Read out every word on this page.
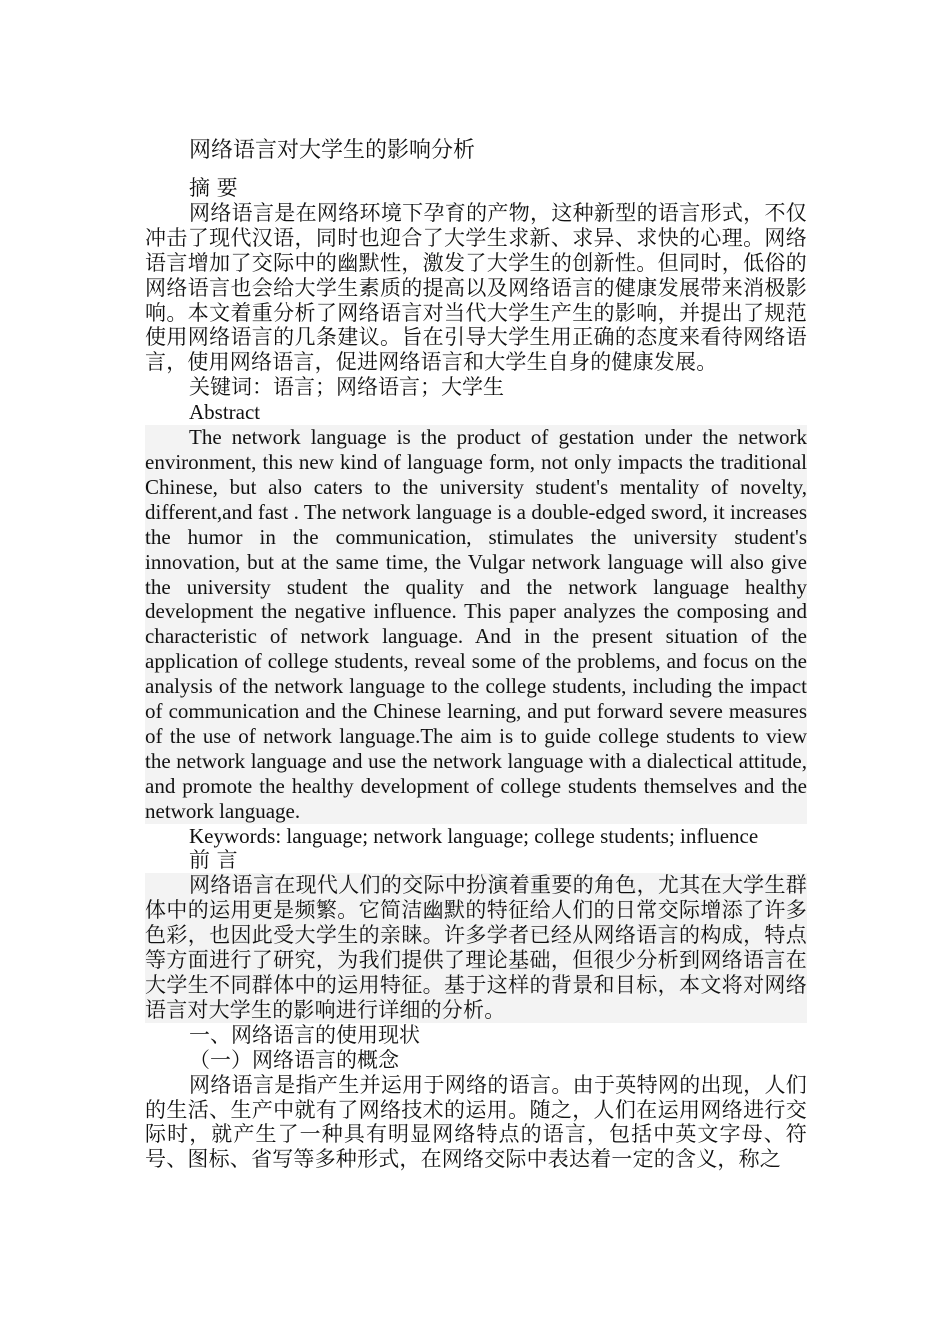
网络语言对大学生的影响分析

摘 要

网络语言是在网络环境下孕育的产物，这种新型的语言形式，不仅冲击了现代汉语，同时也迎合了大学生求新、求异、求快的心理。网络语言增加了交际中的幽默性，激发了大学生的创新性。但同时，低俗的网络语言也会给大学生素质的提高以及网络语言的健康发展带来消极影响。本文着重分析了网络语言对当代大学生产生的影响，并提出了规范使用网络语言的几条建议。旨在引导大学生用正确的态度来看待网络语言，使用网络语言，促进网络语言和大学生自身的健康发展。

关键词：语言；网络语言；大学生

Abstract

The network language is the product of gestation under the network environment, this new kind of language form, not only impacts the traditional Chinese, but also caters to the university student's mentality of novelty, different,and fast . The network language is a double-edged sword, it increases the humor in the communication, stimulates the university student's innovation, but at the same time, the Vulgar network language will also give the university student the quality and the network language healthy development the negative influence. This paper analyzes the composing and characteristic of network language. And in the present situation of the application of college students, reveal some of the problems, and focus on the analysis of the network language to the college students, including the impact of communication and the Chinese learning, and put forward severe measures of the use of network language.The aim is to guide college students to view the network language and use the network language with a dialectical attitude, and promote the healthy development of college students themselves and the network language.

Keywords: language; network language; college students; influence

前 言

网络语言在现代人们的交际中扮演着重要的角色，尤其在大学生群体中的运用更是频繁。它简洁幽默的特征给人们的日常交际增添了许多色彩，也因此受大学生的亲睐。许多学者已经从网络语言的构成，特点等方面进行了研究，为我们提供了理论基础，但很少分析到网络语言在大学生不同群体中的运用特征。基于这样的背景和目标，本文将对网络语言对大学生的影响进行详细的分析。

一、网络语言的使用现状

（一）网络语言的概念

网络语言是指产生并运用于网络的语言。由于英特网的出现，人们的生活、生产中就有了网络技术的运用。随之，人们在运用网络进行交际时，就产生了一种具有明显网络特点的语言，包括中英文字母、符号、图标、省写等多种形式，在网络交际中表达着一定的含义，称之
